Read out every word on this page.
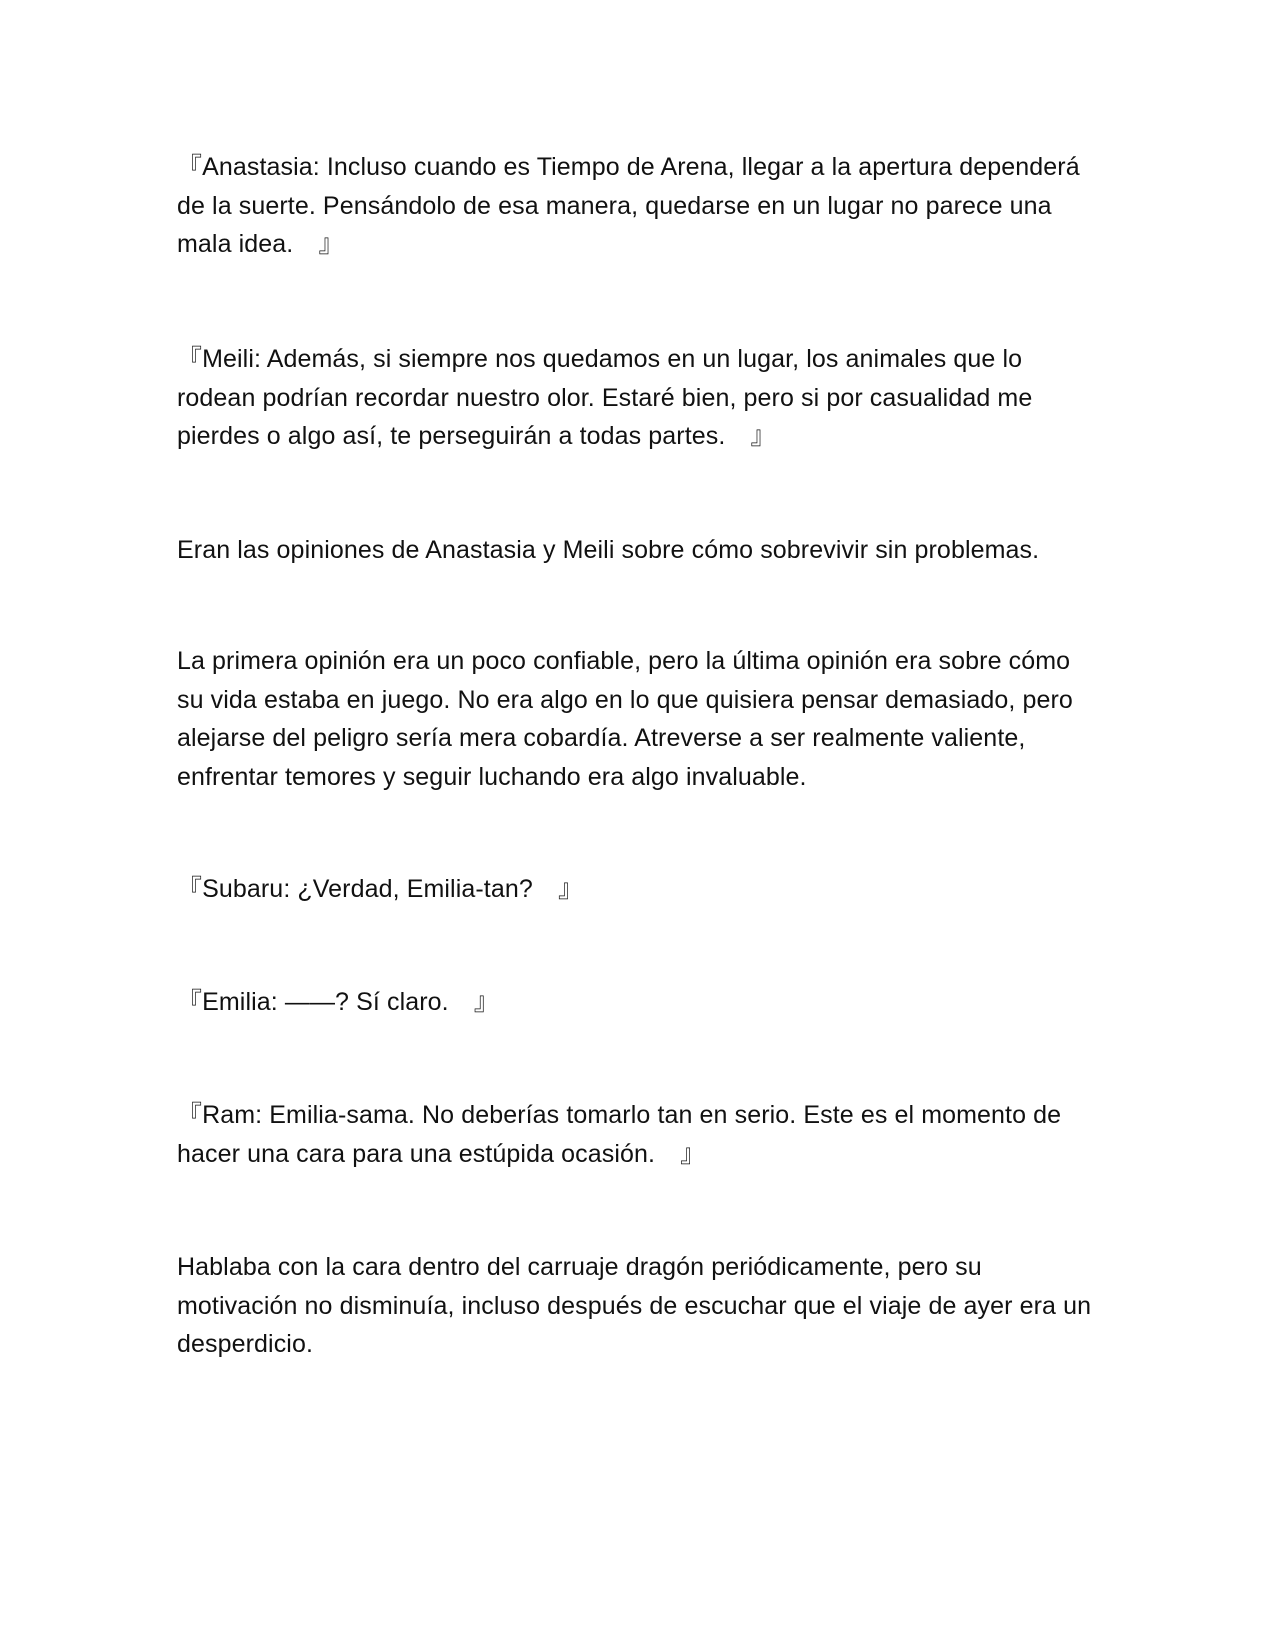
『Anastasia: Incluso cuando es Tiempo de Arena, llegar a la apertura dependerá de la suerte. Pensándolo de esa manera, quedarse en un lugar no parece una mala idea.　』

『Meili: Además, si siempre nos quedamos en un lugar, los animales que lo rodean podrían recordar nuestro olor. Estaré bien, pero si por casualidad me pierdes o algo así, te perseguirán a todas partes.　』

Eran las opiniones de Anastasia y Meili sobre cómo sobrevivir sin problemas.

La primera opinión era un poco confiable, pero la última opinión era sobre cómo su vida estaba en juego. No era algo en lo que quisiera pensar demasiado, pero alejarse del peligro sería mera cobardía. Atreverse a ser realmente valiente, enfrentar temores y seguir luchando era algo invaluable.

『Subaru: ¿Verdad, Emilia-tan?　』

『Emilia: ——? Sí claro.　』

『Ram: Emilia-sama. No deberías tomarlo tan en serio. Este es el momento de hacer una cara para una estúpida ocasión.　』

Hablaba con la cara dentro del carruaje dragón periódicamente, pero su motivación no disminuía, incluso después de escuchar que el viaje de ayer era un desperdicio.
